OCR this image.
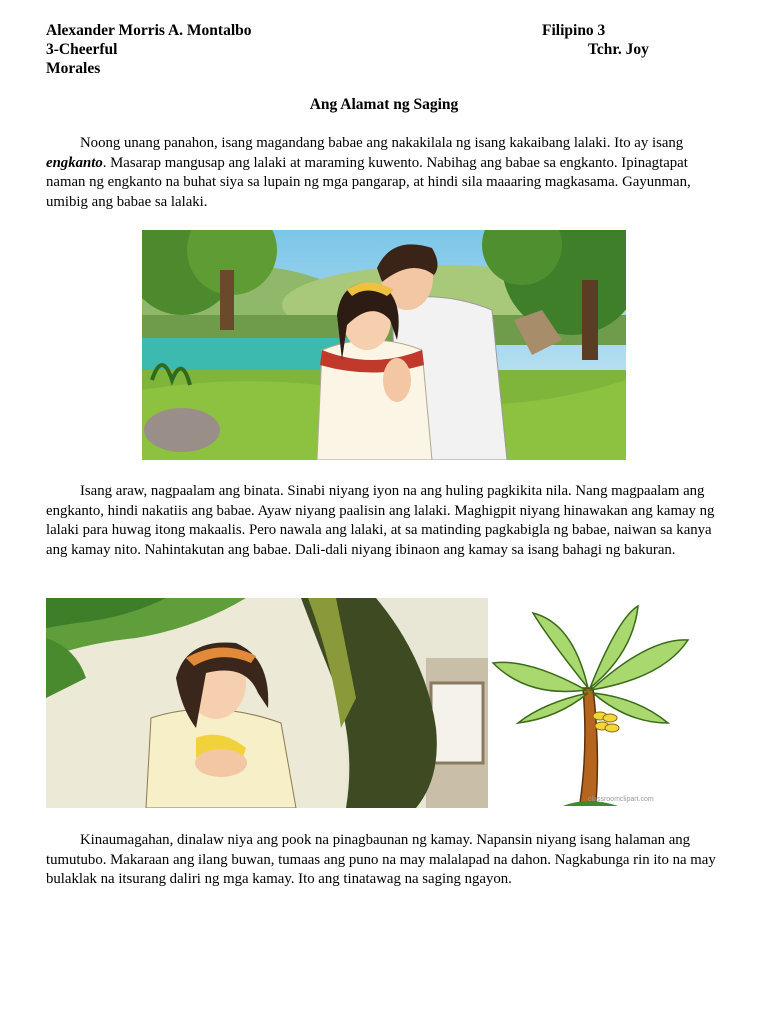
Alexander Morris A. Montalbo	Filipino 3
3-Cheerful	Tchr. Joy
Morales
Ang Alamat ng Saging

Noong unang panahon, isang magandang babae ang nakakilala ng isang kakaibang lalaki. Ito ay isang engkanto. Masarap mangusap ang lalaki at maraming kuwento. Nabihag ang babae sa engkanto. Ipinagtapat naman ng engkanto na buhat siya sa lupain ng mga pangarap, at hindi sila maaaring magkasama. Gayunman, umibig ang babae sa lalaki.

Isang araw, nagpaalam ang binata. Sinabi niyang iyon na ang huling pagkikita nila. Nang magpaalam ang engkanto, hindi nakatiis ang babae. Ayaw niyang paalisin ang lalaki. Maghigpit niyang hinawakan ang kamay ng lalaki para huwag itong makaalis. Pero nawala ang lalaki, at sa matinding pagkabigla ng babae, naiwan sa kanya ang kamay nito. Nahintakutan ang babae. Dali-dali niyang ibinaon ang kamay sa isang bahagi ng bakuran.

classroomclipart.com

Kinaumagahan, dinalaw niya ang pook na pinagbaunan ng kamay. Napansin niyang isang halaman ang tumutubo. Makaraan ang ilang buwan, tumaas ang puno na may malalapad na dahon. Nagkabunga rin ito na may bulaklak na itsurang daliri ng mga kamay. Ito ang tinatawag na saging ngayon.
